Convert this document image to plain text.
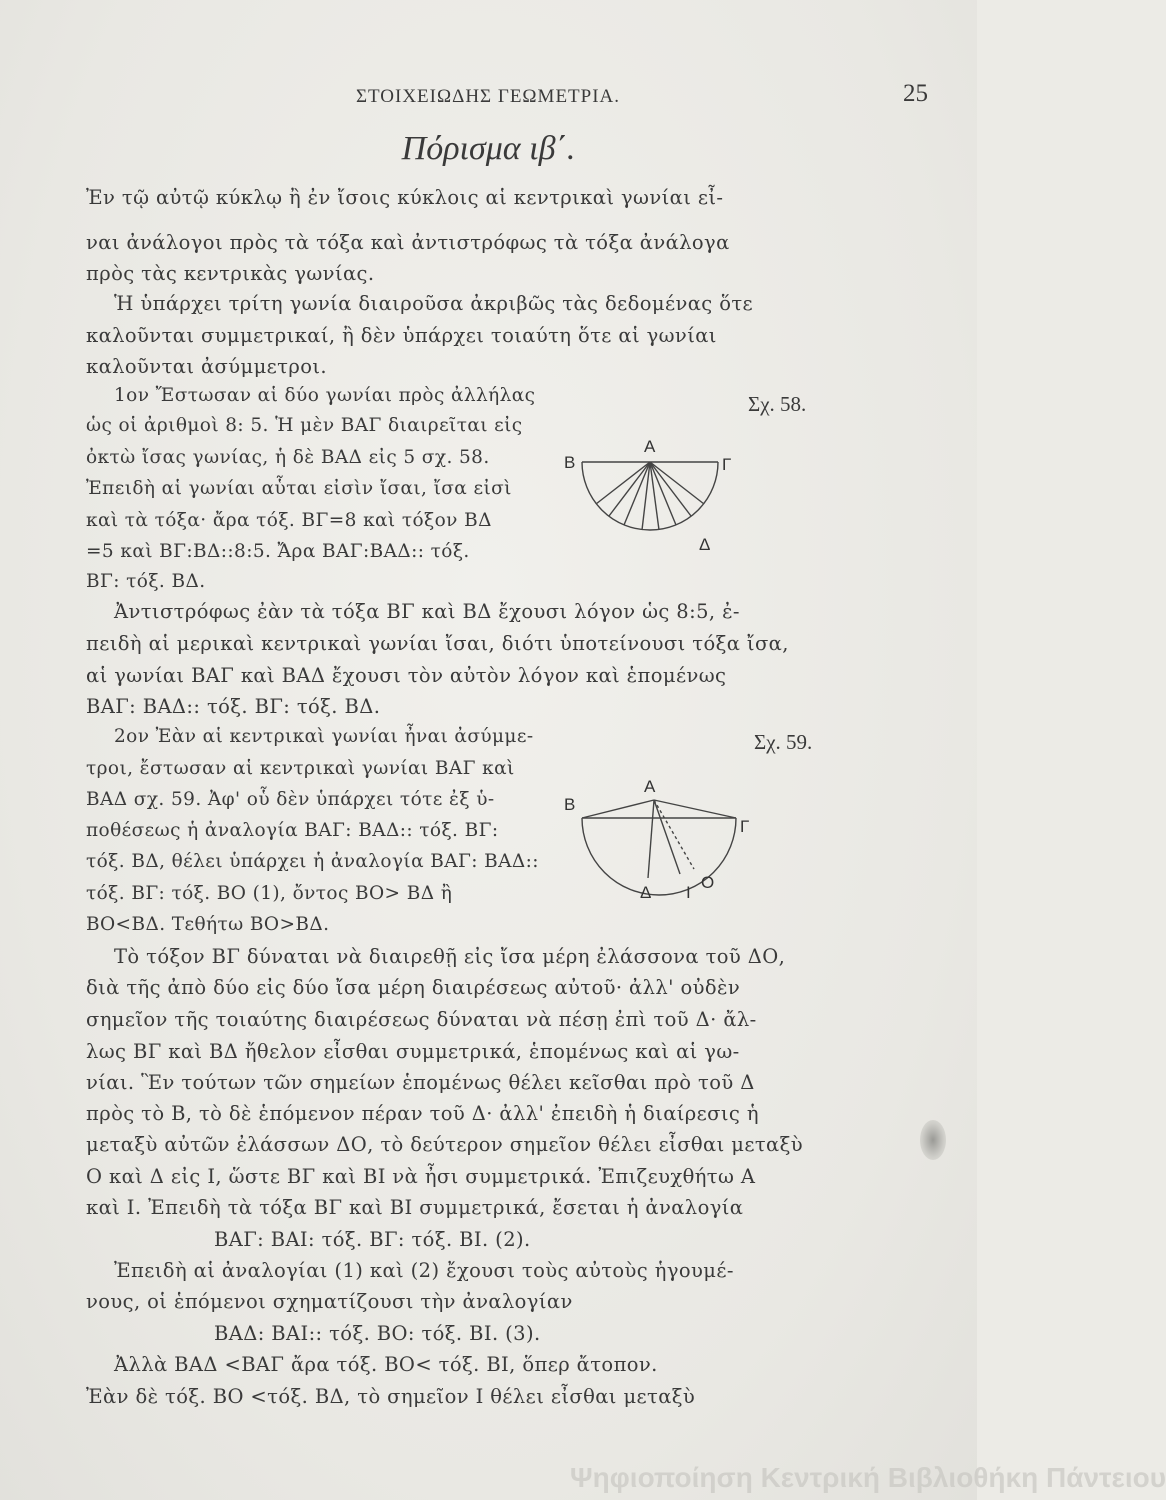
ΣΤΟΙΧΕΙΩΔΗΣ ΓΕΩΜΕΤΡΙΑ.	25
Πόρισμα ιβ΄.
Ἐν τῷ αὐτῷ κύκλῳ ἢ ἐν ἴσοις κύκλοις αἱ κεντρικαὶ γωνίαι εἶ-
ναι ἀνάλογοι πρὸς τὰ τόξα καὶ ἀντιστρόφως τὰ τόξα ἀνάλογα
πρὸς τὰς κεντρικὰς γωνίας.
Ἡ ὑπάρχει τρίτη γωνία διαιροῦσα ἀκριβῶς τὰς δεδομένας ὅτε
καλοῦνται συμμετρικαί, ἢ δὲν ὑπάρχει τοιαύτη ὅτε αἱ γωνίαι
καλοῦνται ἀσύμμετροι.
1ον Ἔστωσαν αἱ δύο γωνίαι πρὸς ἀλλήλας
ὡς οἱ ἀριθμοὶ 8: 5. Ἡ μὲν ΒΑΓ διαιρεῖται εἰς
ὀκτὼ ἴσας γωνίας, ἡ δὲ ΒΑΔ εἰς 5 σχ. 58.
Ἐπειδὴ αἱ γωνίαι αὗται εἰσὶν ἴσαι, ἴσα εἰσὶ
καὶ τὰ τόξα· ἄρα τόξ. ΒΓ=8 καὶ τόξον ΒΔ
=5 καὶ ΒΓ:ΒΔ::8:5. Ἄρα ΒΑΓ:ΒΑΔ:: τόξ.
ΒΓ: τόξ. ΒΔ.
Ἀντιστρόφως ἐὰν τὰ τόξα ΒΓ καὶ ΒΔ ἔχουσι λόγον ὡς 8:5, ἐ-
πειδὴ αἱ μερικαὶ κεντρικαὶ γωνίαι ἴσαι, διότι ὑποτείνουσι τόξα ἴσα,
αἱ γωνίαι ΒΑΓ καὶ ΒΑΔ ἔχουσι τὸν αὐτὸν λόγον καὶ ἑπομένως
ΒΑΓ: ΒΑΔ:: τόξ. ΒΓ: τόξ. ΒΔ.
2ον Ἐὰν αἱ κεντρικαὶ γωνίαι ἦναι ἀσύμμε-
τροι, ἔστωσαν αἱ κεντρικαὶ γωνίαι ΒΑΓ καὶ
ΒΑΔ σχ. 59. Ἀφ' οὗ δὲν ὑπάρχει τότε ἐξ ὑ-
ποθέσεως ἡ ἀναλογία ΒΑΓ: ΒΑΔ:: τόξ. ΒΓ:
τόξ. ΒΔ, θέλει ὑπάρχει ἡ ἀναλογία ΒΑΓ: ΒΑΔ::
τόξ. ΒΓ: τόξ. ΒΟ (1), ὄντος ΒΟ> ΒΔ ἢ
ΒΟ<ΒΔ. Τεθήτω ΒΟ>ΒΔ.
Τὸ τόξον ΒΓ δύναται νὰ διαιρεθῇ εἰς ἴσα μέρη ἐλάσσονα τοῦ ΔΟ,
διὰ τῆς ἀπὸ δύο εἰς δύο ἴσα μέρη διαιρέσεως αὐτοῦ· ἀλλ' οὐδὲν
σημεῖον τῆς τοιαύτης διαιρέσεως δύναται νὰ πέσῃ ἐπὶ τοῦ Δ· ἄλ-
λως ΒΓ καὶ ΒΔ ἤθελον εἶσθαι συμμετρικά, ἑπομένως καὶ αἱ γω-
νίαι. Ἓν τούτων τῶν σημείων ἑπομένως θέλει κεῖσθαι πρὸ τοῦ Δ
πρὸς τὸ Β, τὸ δὲ ἑπόμενον πέραν τοῦ Δ· ἀλλ' ἐπειδὴ ἡ διαίρεσις ἡ
μεταξὺ αὐτῶν ἐλάσσων ΔΟ, τὸ δεύτερον σημεῖον θέλει εἶσθαι μεταξὺ
Ο καὶ Δ εἰς Ι, ὥστε ΒΓ καὶ ΒΙ νὰ ἦσι συμμετρικά. Ἐπιζευχθήτω Α
καὶ Ι. Ἐπειδὴ τὰ τόξα ΒΓ καὶ ΒΙ συμμετρικά, ἔσεται ἡ ἀναλογία
ΒΑΓ: ΒΑΙ: τόξ. ΒΓ: τόξ. ΒΙ. (2).
Ἐπειδὴ αἱ ἀναλογίαι (1) καὶ (2) ἔχουσι τοὺς αὐτοὺς ἡγουμέ-
νους, οἱ ἑπόμενοι σχηματίζουσι τὴν ἀναλογίαν
ΒΑΔ: ΒΑΙ:: τόξ. ΒΟ: τόξ. ΒΙ. (3).
Ἀλλὰ ΒΑΔ <ΒΑΓ ἄρα τόξ. ΒΟ< τόξ. ΒΙ, ὅπερ ἄτοπον.
Ἐὰν δὲ τόξ. ΒΟ <τόξ. ΒΔ, τὸ σημεῖον Ι θέλει εἶσθαι μεταξὺ
Σχ. 58.
Α
Β	Γ
Δ
Σχ. 59.
Α
Β
Γ
Δ Ι
Ο
Ψηφιοποίηση Κεντρική Βιβλιοθήκη Πάντειου
